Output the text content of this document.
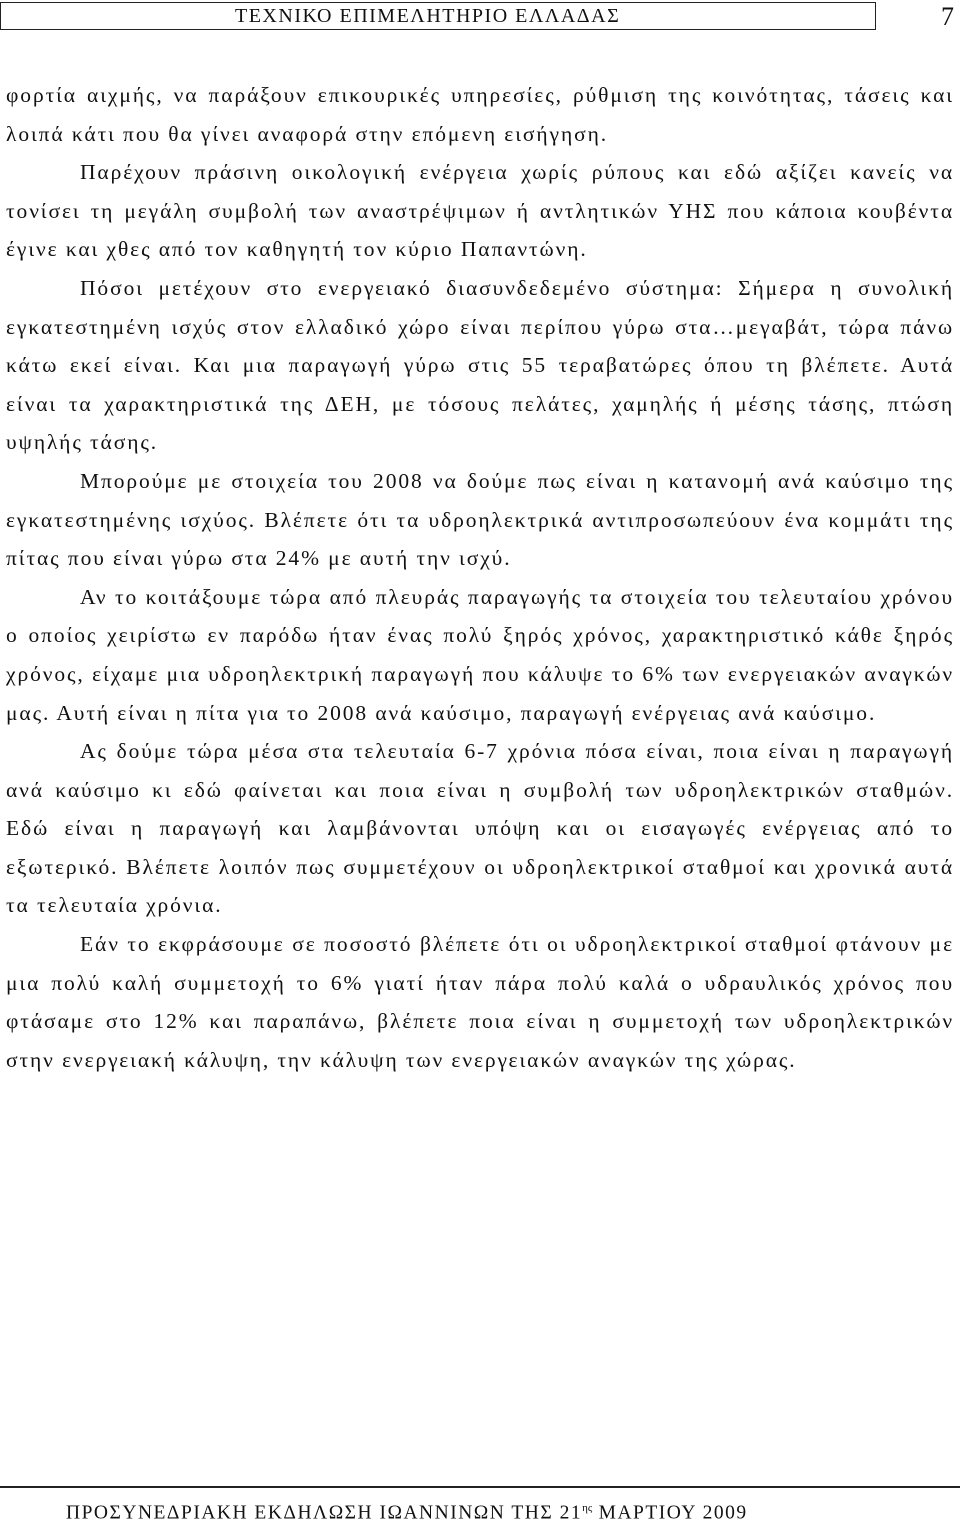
ΤΕΧΝΙΚΟ ΕΠΙΜΕΛΗΤΗΡΙΟ ΕΛΛΑΔΑΣ	7

φορτία αιχμής, να παράξουν επικουρικές υπηρεσίες, ρύθμιση της κοινότητας, τάσεις και λοιπά κάτι που θα γίνει αναφορά στην επόμενη εισήγηση.

Παρέχουν πράσινη οικολογική ενέργεια χωρίς ρύπους και εδώ αξίζει κανείς να τονίσει τη μεγάλη συμβολή των αναστρέψιμων ή αντλητικών ΥΗΣ που κάποια κουβέντα έγινε και χθες από τον καθηγητή τον κύριο Παπαντώνη.

Πόσοι μετέχουν στο ενεργειακό διασυνδεδεμένο σύστημα: Σήμερα η συνολική εγκατεστημένη ισχύς στον ελλαδικό χώρο είναι περίπου γύρω στα…μεγαβάτ, τώρα πάνω κάτω εκεί είναι. Και μια παραγωγή γύρω στις 55 τεραβατώρες όπου τη βλέπετε. Αυτά είναι τα χαρακτηριστικά της ΔΕΗ, με τόσους πελάτες, χαμηλής ή μέσης τάσης, πτώση υψηλής τάσης.

Μπορούμε με στοιχεία του 2008 να δούμε πως είναι η κατανομή ανά καύσιμο της εγκατεστημένης ισχύος. Βλέπετε ότι τα υδροηλεκτρικά αντιπροσωπεύουν ένα κομμάτι της πίτας που είναι γύρω στα 24% με αυτή την ισχύ.

Αν το κοιτάξουμε τώρα από πλευράς παραγωγής τα στοιχεία του τελευταίου χρόνου ο οποίος χειρίστω εν παρόδω ήταν ένας πολύ ξηρός χρόνος, χαρακτηριστικό κάθε ξηρός χρόνος, είχαμε μια υδροηλεκτρική παραγωγή που κάλυψε το 6% των ενεργειακών αναγκών μας. Αυτή είναι η πίτα για το 2008 ανά καύσιμο, παραγωγή ενέργειας ανά καύσιμο.

Ας δούμε τώρα μέσα στα τελευταία 6-7 χρόνια πόσα είναι, ποια είναι η παραγωγή ανά καύσιμο κι εδώ φαίνεται και ποια είναι η συμβολή των υδροηλεκτρικών σταθμών. Εδώ είναι η παραγωγή και λαμβάνονται υπόψη και οι εισαγωγές ενέργειας από το εξωτερικό. Βλέπετε λοιπόν πως συμμετέχουν οι υδροηλεκτρικοί σταθμοί και χρονικά αυτά τα τελευταία χρόνια.

Εάν το εκφράσουμε σε ποσοστό βλέπετε ότι οι υδροηλεκτρικοί σταθμοί φτάνουν με μια πολύ καλή συμμετοχή το 6% γιατί ήταν πάρα πολύ καλά ο υδραυλικός χρόνος που φτάσαμε στο 12% και παραπάνω, βλέπετε ποια είναι η συμμετοχή των υδροηλεκτρικών στην ενεργειακή κάλυψη, την κάλυψη των ενεργειακών αναγκών της χώρας.

ΠΡΟΣΥΝΕΔΡΙΑΚΗ ΕΚΔΗΛΩΣΗ ΙΩΑΝΝΙΝΩΝ ΤΗΣ $21^{\eta\varsigma}$ ΜΑΡΤΙΟΥ 2009
